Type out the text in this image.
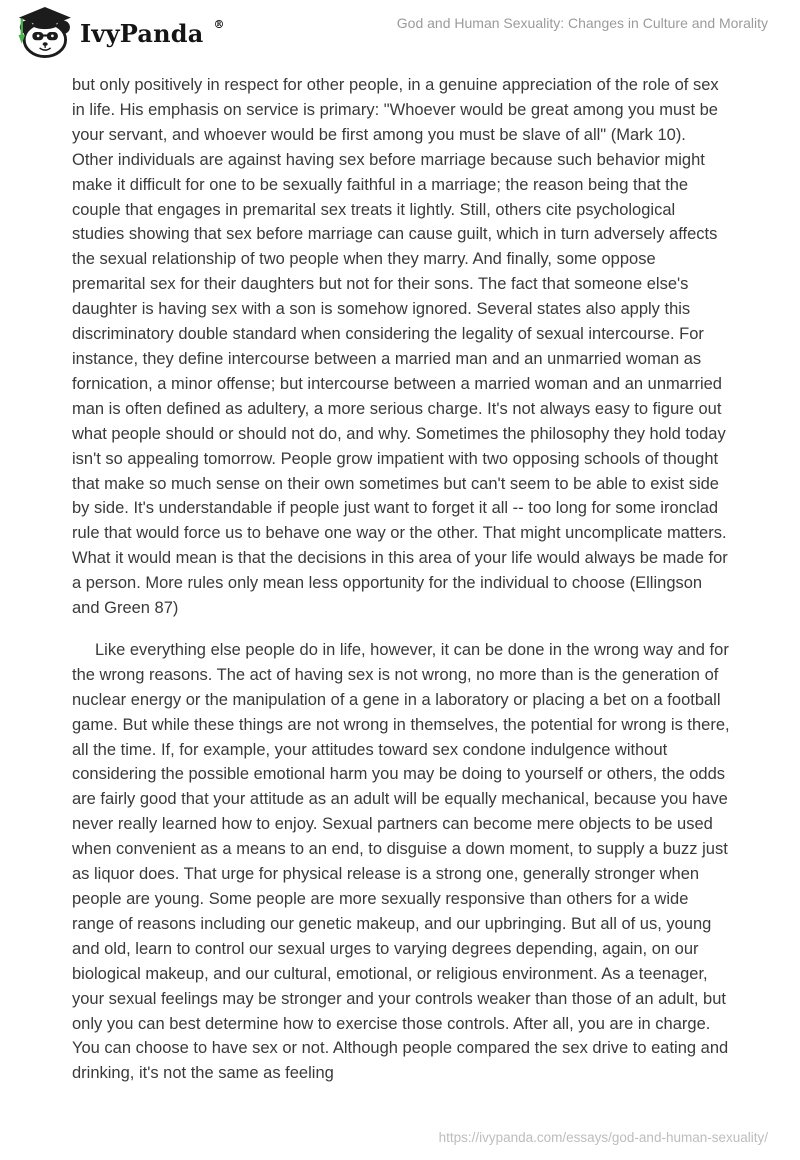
IvyPanda ®	God and Human Sexuality: Changes in Culture and Morality

but only positively in respect for other people, in a genuine appreciation of the role of sex in life. His emphasis on service is primary: "Whoever would be great among you must be your servant, and whoever would be first among you must be slave of all" (Mark 10). Other individuals are against having sex before marriage because such behavior might make it difficult for one to be sexually faithful in a marriage; the reason being that the couple that engages in premarital sex treats it lightly. Still, others cite psychological studies showing that sex before marriage can cause guilt, which in turn adversely affects the sexual relationship of two people when they marry. And finally, some oppose premarital sex for their daughters but not for their sons. The fact that someone else's daughter is having sex with a son is somehow ignored. Several states also apply this discriminatory double standard when considering the legality of sexual intercourse. For instance, they define intercourse between a married man and an unmarried woman as fornication, a minor offense; but intercourse between a married woman and an unmarried man is often defined as adultery, a more serious charge. It's not always easy to figure out what people should or should not do, and why. Sometimes the philosophy they hold today isn't so appealing tomorrow. People grow impatient with two opposing schools of thought that make so much sense on their own sometimes but can't seem to be able to exist side by side. It's understandable if people just want to forget it all -- too long for some ironclad rule that would force us to behave one way or the other. That might uncomplicate matters. What it would mean is that the decisions in this area of your life would always be made for a person. More rules only mean less opportunity for the individual to choose (Ellingson and Green 87)

Like everything else people do in life, however, it can be done in the wrong way and for the wrong reasons. The act of having sex is not wrong, no more than is the generation of nuclear energy or the manipulation of a gene in a laboratory or placing a bet on a football game. But while these things are not wrong in themselves, the potential for wrong is there, all the time. If, for example, your attitudes toward sex condone indulgence without considering the possible emotional harm you may be doing to yourself or others, the odds are fairly good that your attitude as an adult will be equally mechanical, because you have never really learned how to enjoy. Sexual partners can become mere objects to be used when convenient as a means to an end, to disguise a down moment, to supply a buzz just as liquor does. That urge for physical release is a strong one, generally stronger when people are young. Some people are more sexually responsive than others for a wide range of reasons including our genetic makeup, and our upbringing. But all of us, young and old, learn to control our sexual urges to varying degrees depending, again, on our biological makeup, and our cultural, emotional, or religious environment. As a teenager, your sexual feelings may be stronger and your controls weaker than those of an adult, but only you can best determine how to exercise those controls. After all, you are in charge. You can choose to have sex or not. Although people compared the sex drive to eating and drinking, it's not the same as feeling

https://ivypanda.com/essays/god-and-human-sexuality/
